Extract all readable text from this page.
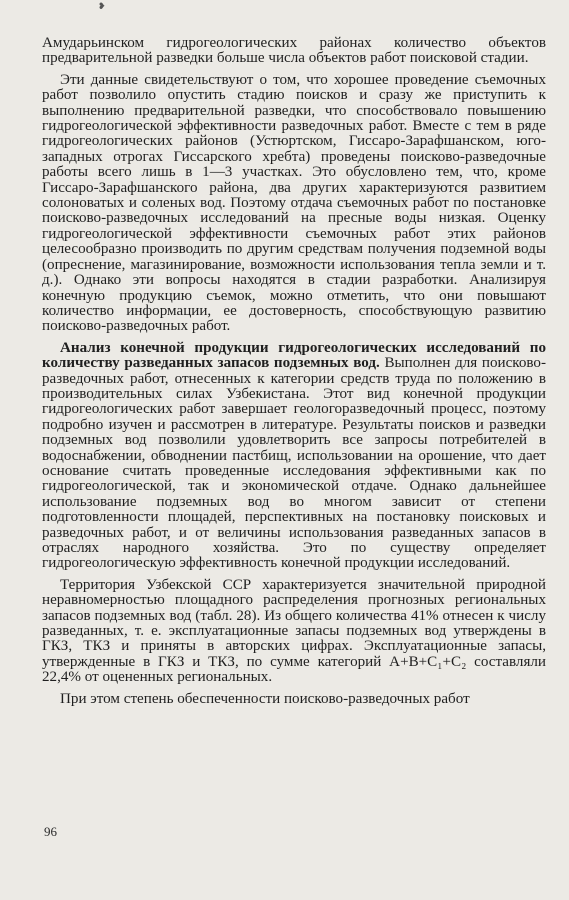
❥

Амударьинском гидрогеологических районах количество объектов предварительной разведки больше числа объектов работ поисковой стадии.

Эти данные свидетельствуют о том, что хорошее проведение съемочных работ позволило опустить стадию поисков и сразу же приступить к выполнению предварительной разведки, что способствовало повышению гидрогеологической эффективности разведочных работ. Вместе с тем в ряде гидрогеологических районов (Устюртском, Гиссаро-Зарафшанском, юго-западных отрогах Гиссарского хребта) проведены поисково-разведочные работы всего лишь в 1—3 участках. Это обусловлено тем, что, кроме Гиссаро-Зарафшанского района, два других характеризуются развитием солоноватых и соленых вод. Поэтому отдача съемочных работ по постановке поисково-разведочных исследований на пресные воды низкая. Оценку гидрогеологической эффективности съемочных работ этих районов целесообразно производить по другим средствам получения подземной воды (опреснение, магазинирование, возможности использования тепла земли и т. д.). Однако эти вопросы находятся в стадии разработки. Анализируя конечную продукцию съемок, можно отметить, что они повышают количество информации, ее достоверность, способствующую развитию поисково-разведочных работ.

Анализ конечной продукции гидрогеологических исследований по количеству разведанных запасов подземных вод. Выполнен для поисково-разведочных работ, отнесенных к категории средств труда по положению в производительных силах Узбекистана. Этот вид конечной продукции гидрогеологических работ завершает геологоразведочный процесс, поэтому подробно изучен и рассмотрен в литературе. Результаты поисков и разведки подземных вод позволили удовлетворить все запросы потребителей в водоснабжении, обводнении пастбищ, использовании на орошение, что дает основание считать проведенные исследования эффективными как по гидрогеологической, так и экономической отдаче. Однако дальнейшее использование подземных вод во многом зависит от степени подготовленности площадей, перспективных на постановку поисковых и разведочных работ, и от величины использования разведанных запасов в отраслях народного хозяйства. Это по существу определяет гидрогеологическую эффективность конечной продукции исследований.

Территория Узбекской ССР характеризуется значительной природной неравномерностью площадного распределения прогнозных региональных запасов подземных вод (табл. 28). Из общего количества 41% отнесен к числу разведанных, т. е. эксплуатационные запасы подземных вод утверждены в ГКЗ, ТКЗ и приняты в авторских цифрах. Эксплуатационные запасы, утвержденные в ГКЗ и ТКЗ, по сумме категорий A+B+C₁+C₂ составляли 22,4% от оцененных региональных.

При этом степень обеспеченности поисково-разведочных работ

96
